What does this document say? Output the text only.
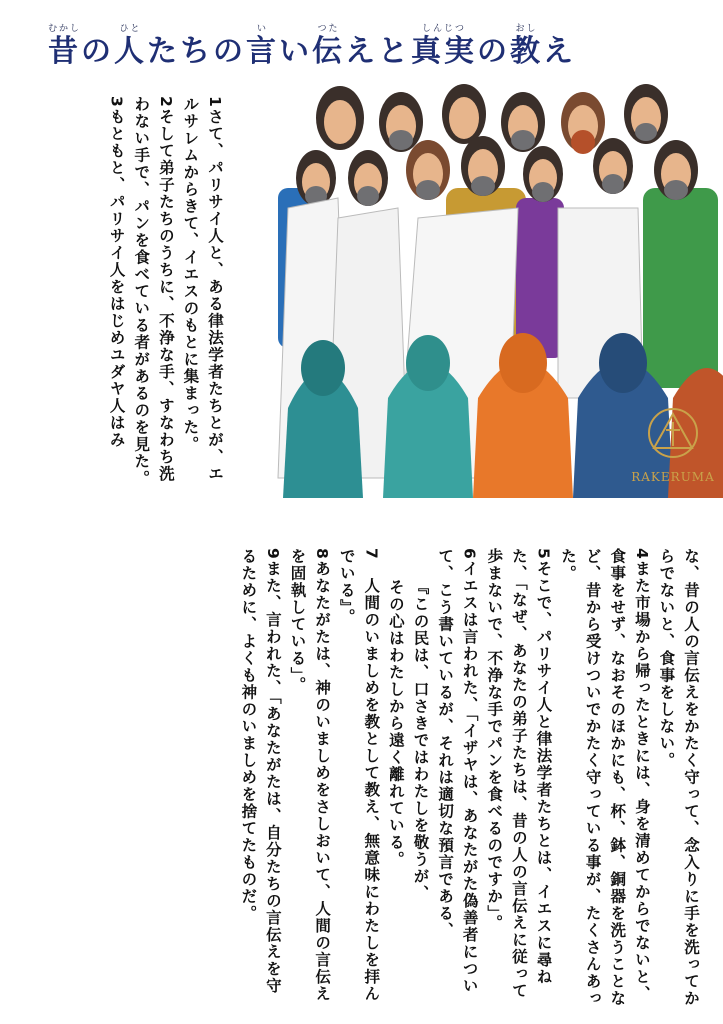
むかし
昔 の
ひと
人 たちの
い
言 い
つた
伝 えと
しんじつ
真実 の
おし
教 え

1さて、パリサイ人と、ある律法学者たちとが、エルサレムからきて、イエスのもとに集まった。

2そして弟子たちのうちに、不浄な手、すなわち洗わない手で、パンを食べている者があるのを見た。

3もともと、パリサイ人をはじめユダヤ人はみ

RAKERUMA

な、昔の人の言伝えをかたく守って、念入りに手を洗ってからでないと、食事をしない。

4また市場から帰ったときには、身を清めてからでないと、食事をせず、なおそのほかにも、杯、鉢、銅器を洗うことなど、昔から受けついでかたく守っている事が、たくさんあった。

5そこで、パリサイ人と律法学者たちとは、イエスに尋ねた、「なぜ、あなたの弟子たちは、昔の人の言伝えに従って歩まないで、不浄な手でパンを食べるのですか」。

6イエスは言われた、「イザヤは、あなたがた偽善者について、こう書いているが、それは適切な預言である、

『この民は、口さきではわたしを敬うが、

その心はわたしから遠く離れている。

7　人間のいましめを教として教え、無意味にわたしを拝んでいる』。

8あなたがたは、神のいましめをさしおいて、人間の言伝えを固執している」。

9また、言われた、「あなたがたは、自分たちの言伝えを守るために、よくも神のいましめを捨てたものだ。
